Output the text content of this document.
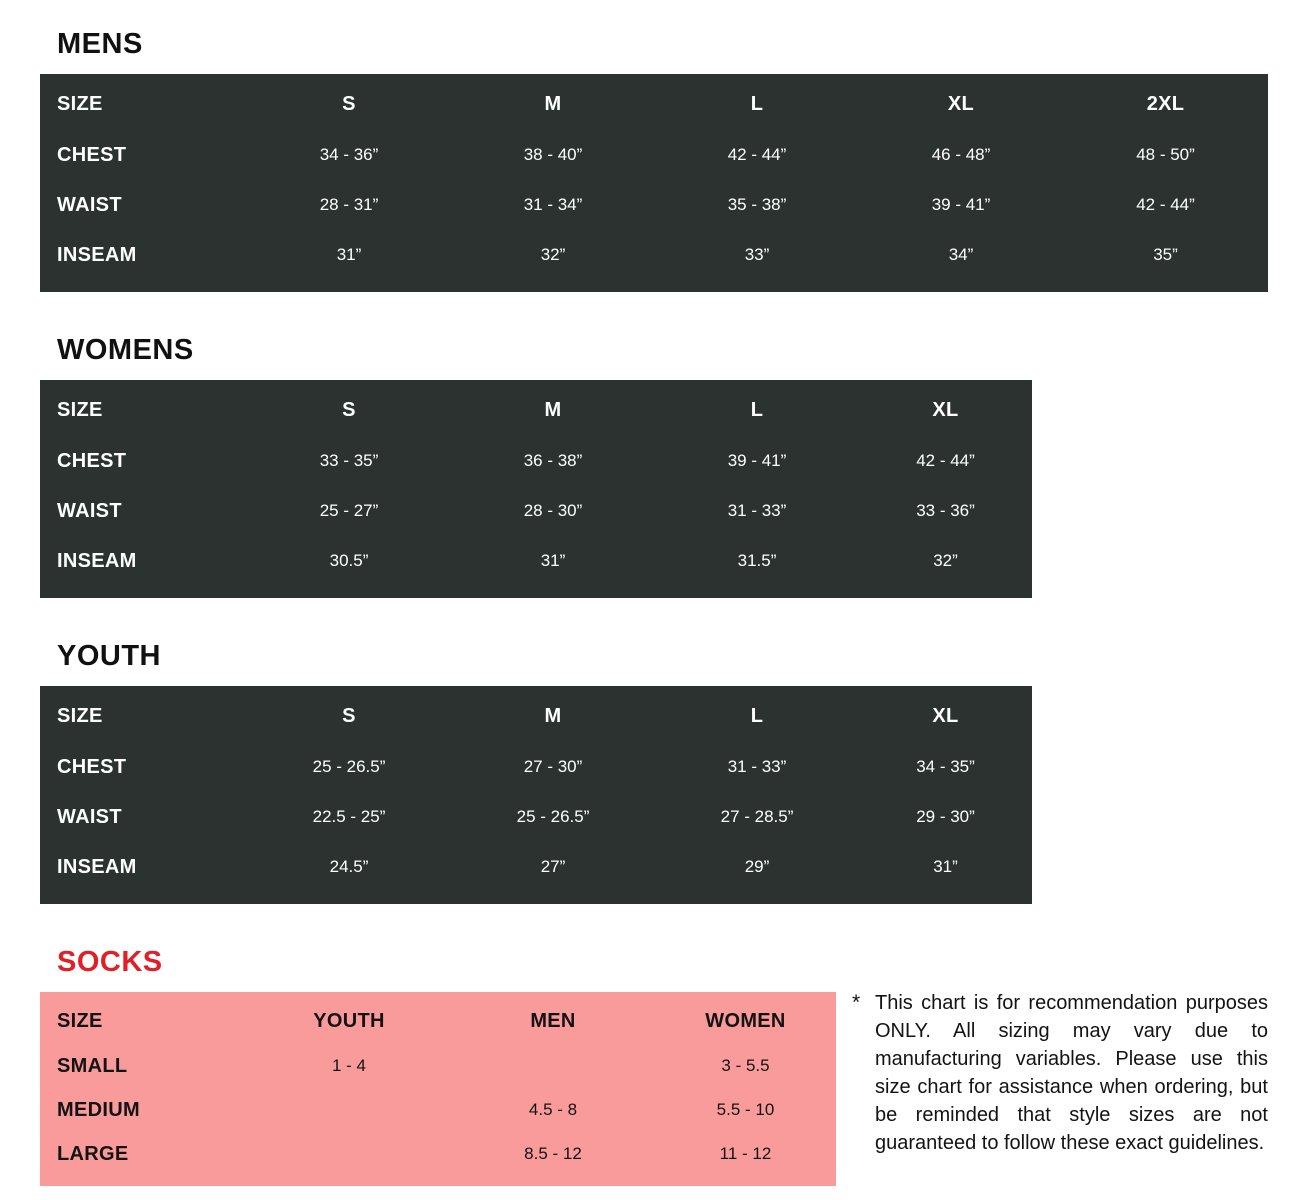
MENS
SIZE	S	M	L	XL	2XL
CHEST	34 - 36”	38 - 40”	42 - 44”	46 - 48”	48 - 50”
WAIST	28 - 31”	31 - 34”	35 - 38”	39 - 41”	42 - 44”
INSEAM	31”	32”	33”	34”	35”
WOMENS
SIZE	S	M	L	XL
CHEST	33 - 35”	36 - 38”	39 - 41”	42 - 44”
WAIST	25 - 27”	28 - 30”	31 - 33”	33 - 36”
INSEAM	30.5”	31”	31.5”	32”
YOUTH
SIZE	S	M	L	XL
CHEST	25 - 26.5”	27 - 30”	31 - 33”	34 - 35”
WAIST	22.5 - 25”	25 - 26.5”	27 - 28.5”	29 - 30”
INSEAM	24.5”	27”	29”	31”
SOCKS
SIZE	YOUTH	MEN	WOMEN
SMALL	1 - 4		3 - 5.5
MEDIUM		4.5 - 8	5.5 - 10
LARGE		8.5 - 12	11 - 12
* This chart is for recommendation purposes ONLY. All sizing may vary due to manufacturing variables. Please use this size chart for assistance when ordering, but be reminded that style sizes are not guaranteed to follow these exact guidelines.
